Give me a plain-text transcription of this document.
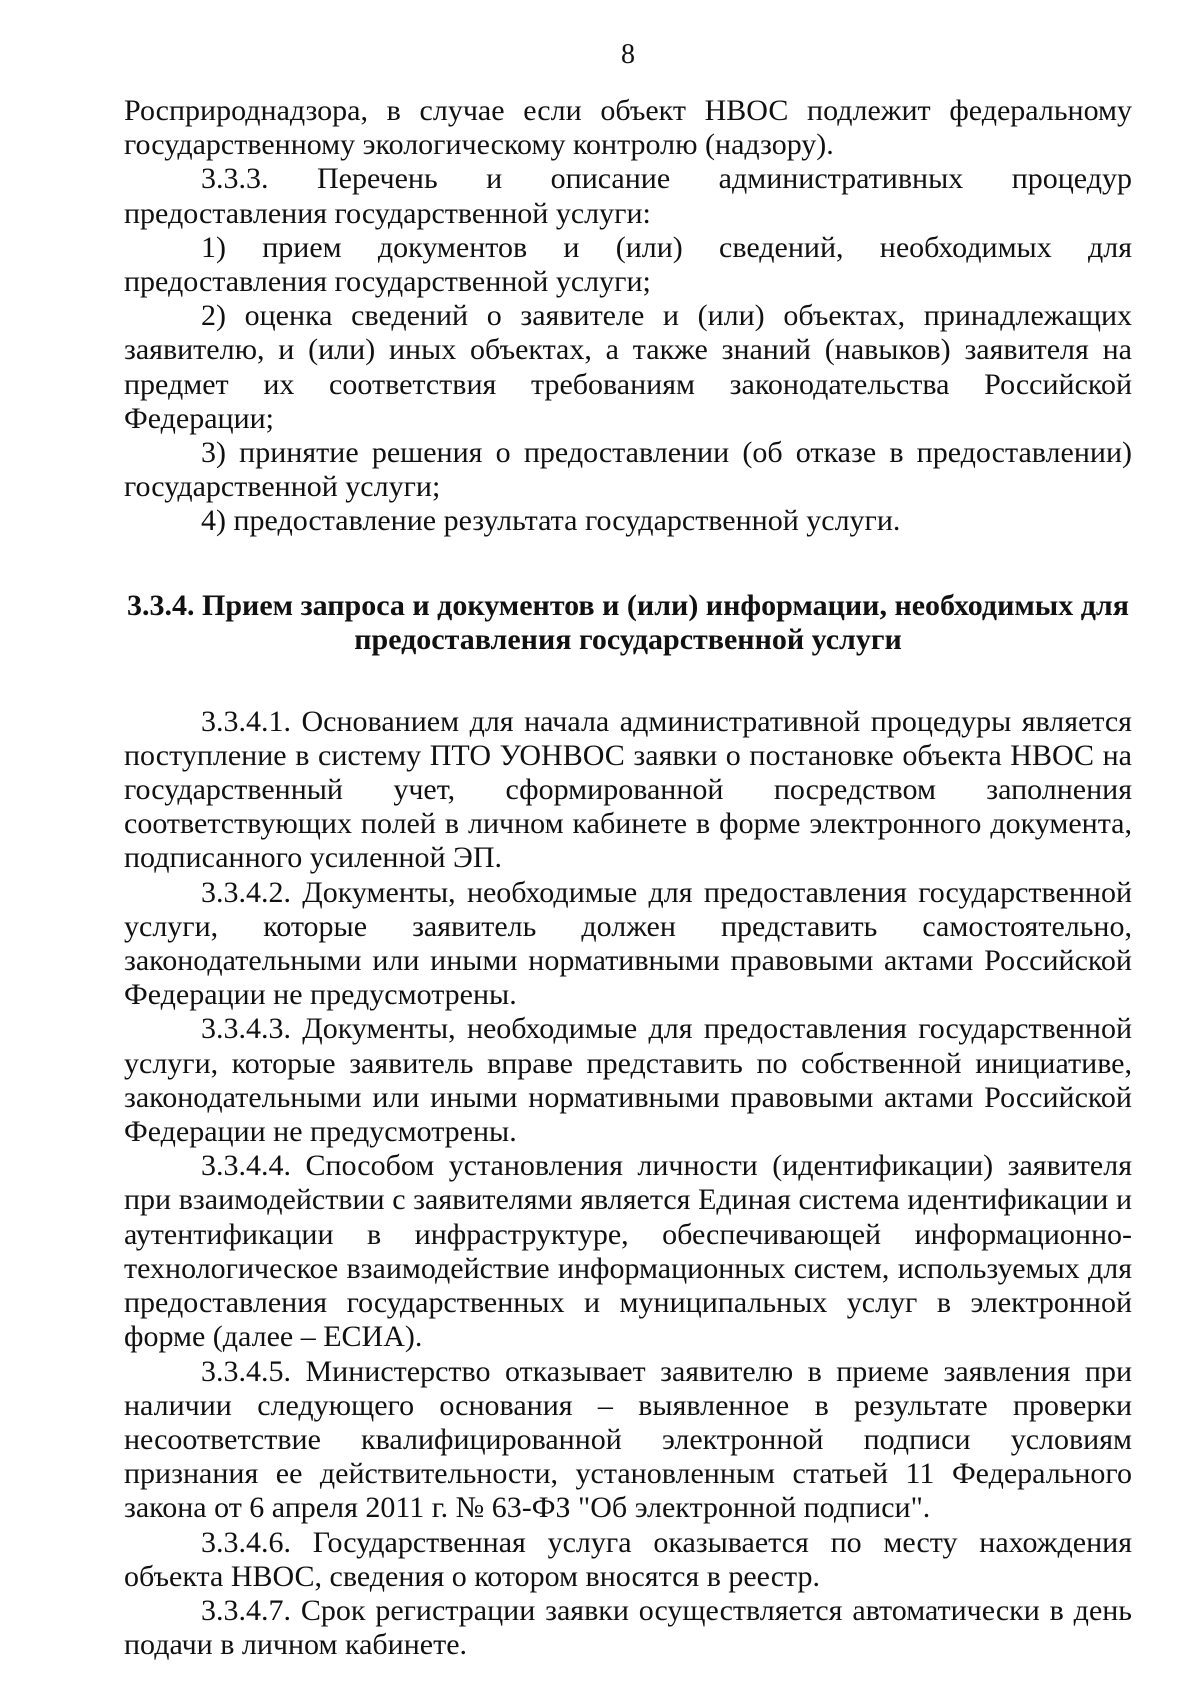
8

Росприроднадзора, в случае если объект НВОС подлежит федеральному государственному экологическому контролю (надзору).

3.3.3. Перечень и описание административных процедур предоставления государственной услуги:

1) прием документов и (или) сведений, необходимых для предоставления государственной услуги;

2) оценка сведений о заявителе и (или) объектах, принадлежащих заявителю, и (или) иных объектах, а также знаний (навыков) заявителя на предмет их соответствия требованиям законодательства Российской Федерации;

3) принятие решения о предоставлении (об отказе в предоставлении) государственной услуги;

4) предоставление результата государственной услуги.

3.3.4. Прием запроса и документов и (или) информации, необходимых для предоставления государственной услуги

3.3.4.1. Основанием для начала административной процедуры является поступление в систему ПТО УОНВОС заявки о постановке объекта НВОС на государственный учет, сформированной посредством заполнения соответствующих полей в личном кабинете в форме электронного документа, подписанного усиленной ЭП.

3.3.4.2. Документы, необходимые для предоставления государственной услуги, которые заявитель должен представить самостоятельно, законодательными или иными нормативными правовыми актами Российской Федерации не предусмотрены.

3.3.4.3. Документы, необходимые для предоставления государственной услуги, которые заявитель вправе представить по собственной инициативе, законодательными или иными нормативными правовыми актами Российской Федерации не предусмотрены.

3.3.4.4. Способом установления личности (идентификации) заявителя при взаимодействии с заявителями является Единая система идентификации и аутентификации в инфраструктуре, обеспечивающей информационно-технологическое взаимодействие информационных систем, используемых для предоставления государственных и муниципальных услуг в электронной форме (далее – ЕСИА).

3.3.4.5. Министерство отказывает заявителю в приеме заявления при наличии следующего основания – выявленное в результате проверки несоответствие квалифицированной электронной подписи условиям признания ее действительности, установленным статьей 11 Федерального закона от 6 апреля 2011 г. № 63-ФЗ "Об электронной подписи".

3.3.4.6. Государственная услуга оказывается по месту нахождения объекта НВОС, сведения о котором вносятся в реестр.

3.3.4.7. Срок регистрации заявки осуществляется автоматически в день подачи в личном кабинете.
